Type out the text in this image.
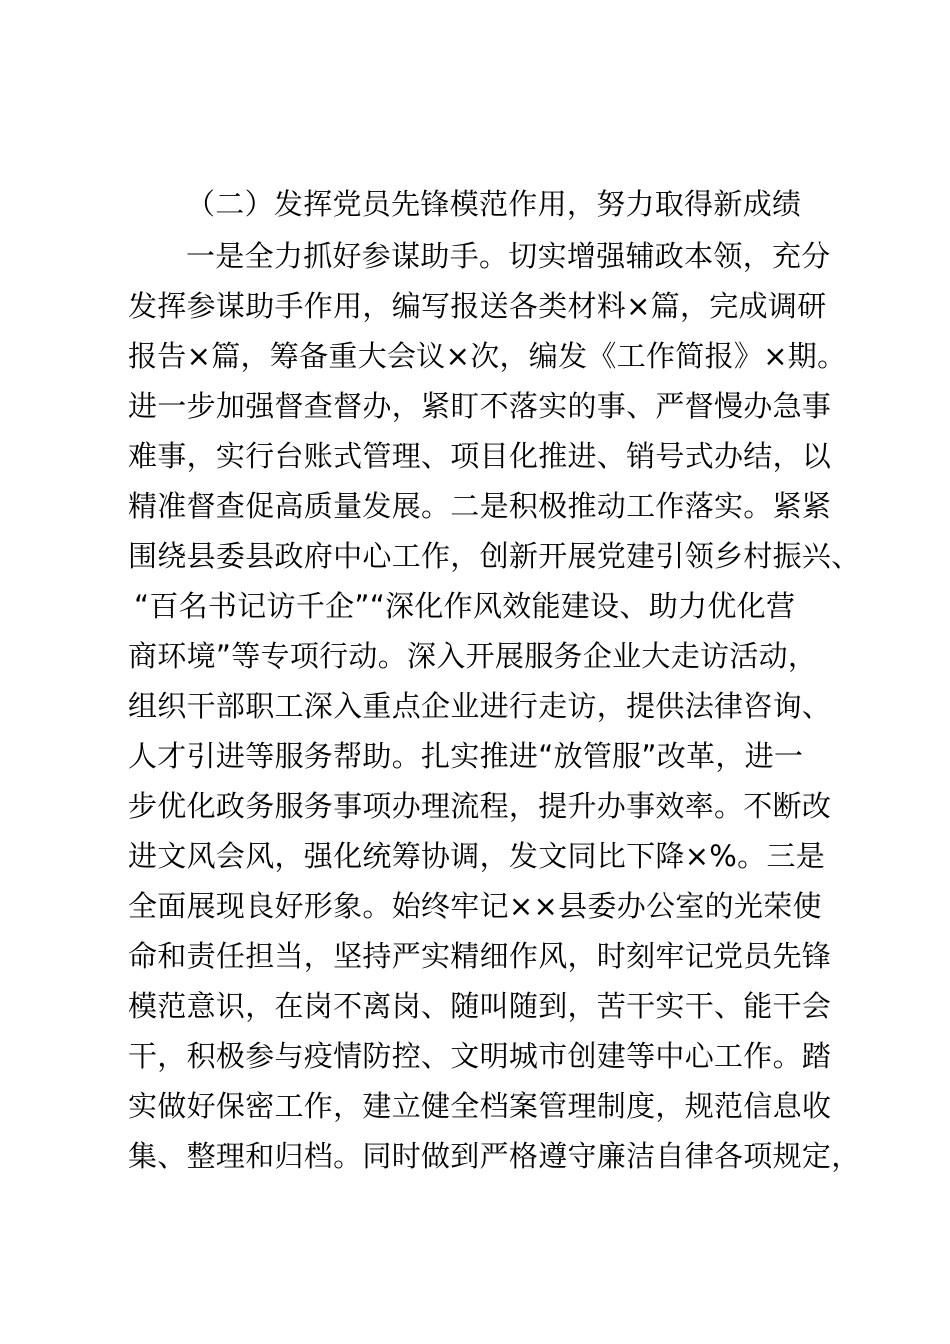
（二）发挥党员先锋模范作用，努力取得新成绩
一是全力抓好参谋助手。切实增强辅政本领，充分
发挥参谋助手作用，编写报送各类材料×篇，完成调研
报告×篇，筹备重大会议×次，编发《工作简报》×期。
进一步加强督查督办，紧盯不落实的事、严督慢办急事
难事，实行台账式管理、项目化推进、销号式办结，以
精准督查促高质量发展。二是积极推动工作落实。紧紧
围绕县委县政府中心工作，创新开展党建引领乡村振兴、
“百名书记访千企”“深化作风效能建设、助力优化营
商环境”等专项行动。深入开展服务企业大走访活动，
组织干部职工深入重点企业进行走访，提供法律咨询、
人才引进等服务帮助。扎实推进“放管服”改革，进一
步优化政务服务事项办理流程，提升办事效率。不断改
进文风会风，强化统筹协调，发文同比下降×%。三是
全面展现良好形象。始终牢记××县委办公室的光荣使
命和责任担当，坚持严实精细作风，时刻牢记党员先锋
模范意识，在岗不离岗、随叫随到，苦干实干、能干会
干，积极参与疫情防控、文明城市创建等中心工作。踏
实做好保密工作，建立健全档案管理制度，规范信息收
集、整理和归档。同时做到严格遵守廉洁自律各项规定，
